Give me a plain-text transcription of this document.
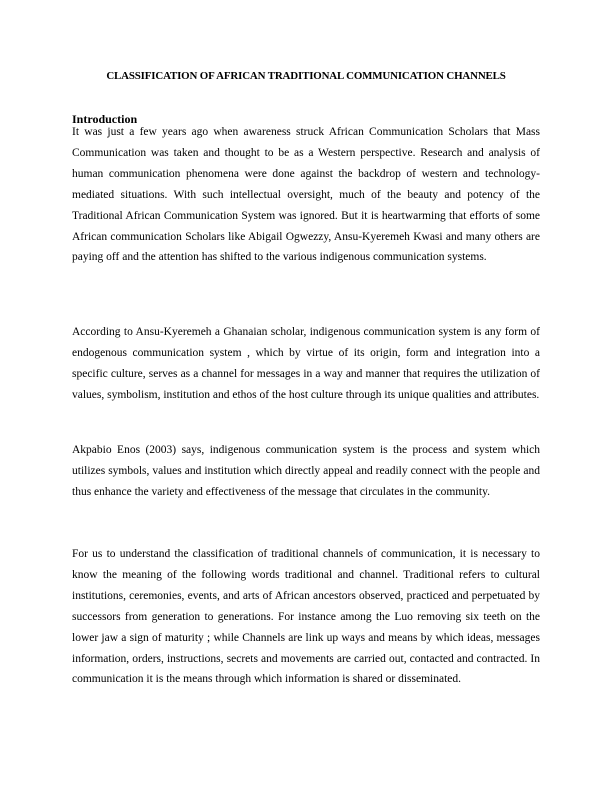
CLASSIFICATION OF AFRICAN TRADITIONAL COMMUNICATION CHANNELS
Introduction

It was just a few years ago when awareness struck African Communication Scholars that Mass Communication was taken and thought to be as a Western perspective. Research and analysis of human communication phenomena were done against the backdrop of western and technology-mediated situations. With such intellectual oversight, much of the beauty and potency of the Traditional African Communication System was ignored. But it is heartwarming that efforts of some African communication Scholars like Abigail Ogwezzy, Ansu-Kyeremeh Kwasi and many others are paying off and the attention has shifted to the various indigenous communication systems.

According to Ansu-Kyeremeh a Ghanaian scholar, indigenous communication system is any form of endogenous communication system , which by virtue of its origin, form and integration into a specific culture, serves as a channel for messages in a way and manner that requires the utilization of values, symbolism, institution and ethos of the host culture through its unique qualities and attributes.

Akpabio Enos (2003) says, indigenous communication system is the process and system which utilizes symbols, values and institution which directly appeal and readily connect with the people and thus enhance the variety and effectiveness of the message that circulates in the community.

For us to understand the classification of traditional channels of communication, it is necessary to know the meaning of the following words traditional and channel. Traditional refers to cultural institutions, ceremonies, events, and arts of African ancestors observed, practiced and perpetuated by successors from generation to generations. For instance among the Luo removing six teeth on the lower jaw a sign of maturity ; while Channels are link up ways and means by which ideas, messages information, orders, instructions, secrets and movements are carried out, contacted and contracted. In communication it is the means through which information is shared or disseminated.
